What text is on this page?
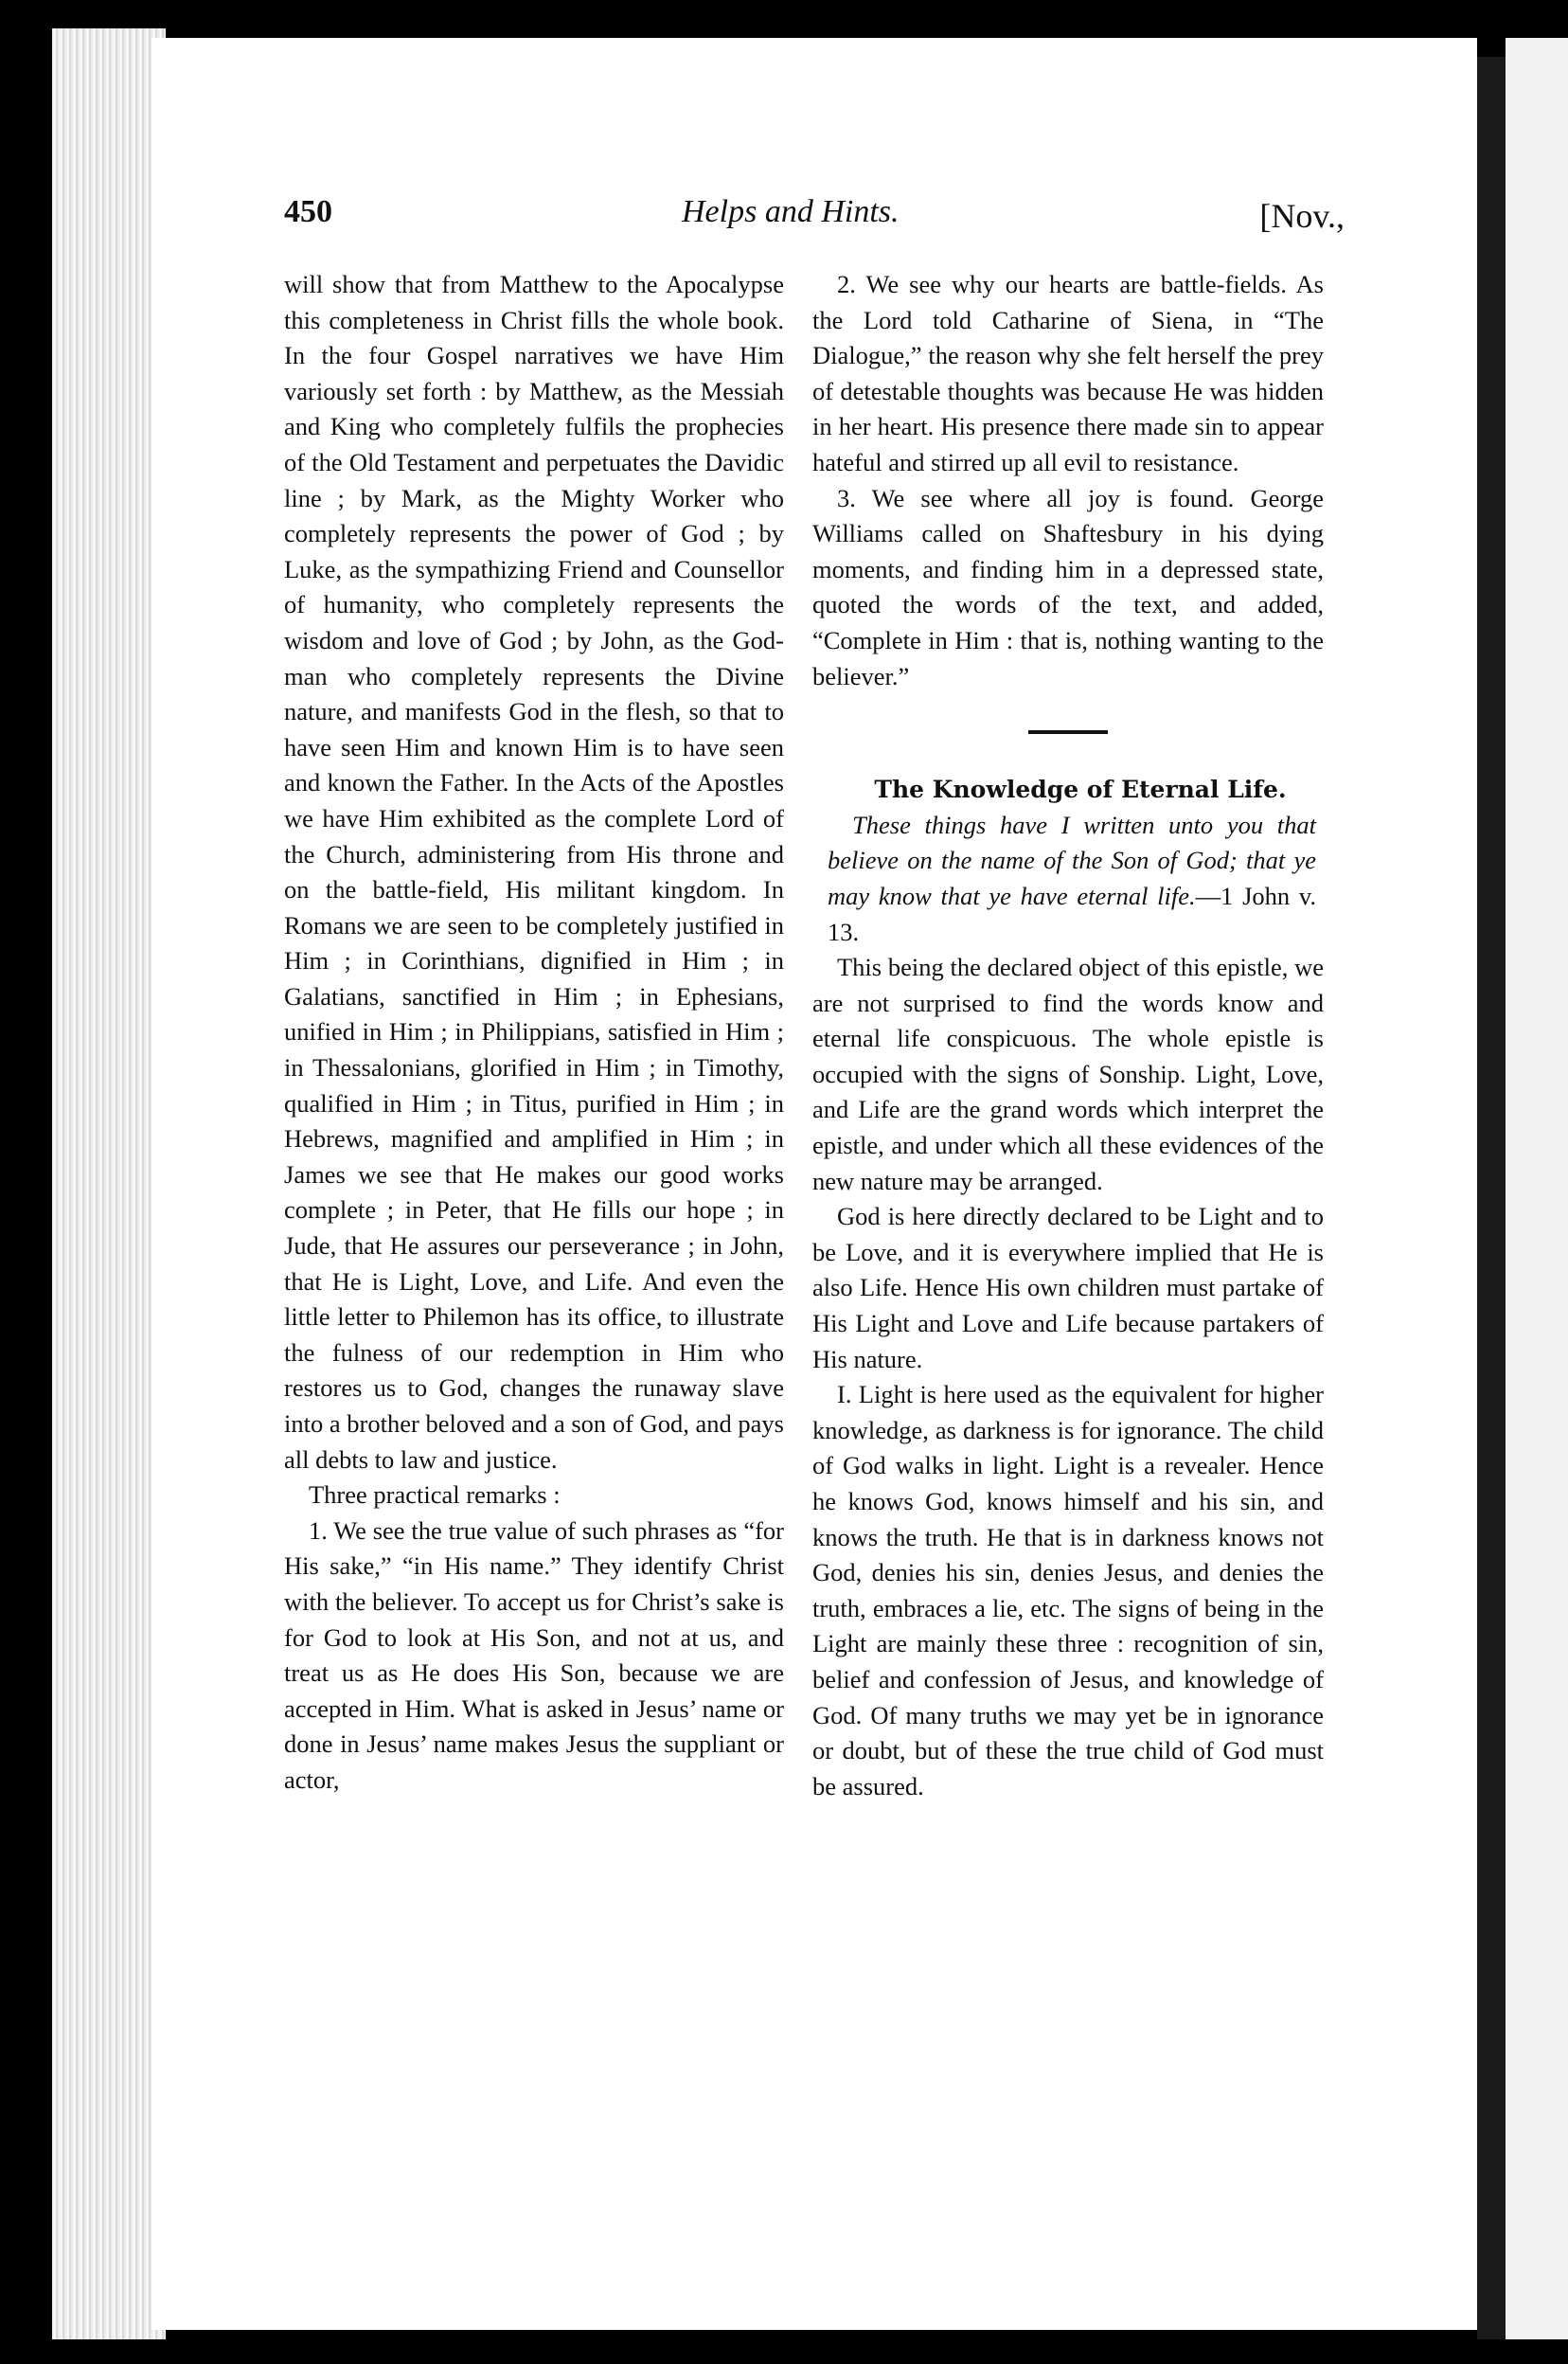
450	Helps and Hints.	[Nov.,

will show that from Matthew to the Apocalypse this completeness in Christ fills the whole book. In the four Gospel narratives we have Him variously set forth : by Matthew, as the Messiah and King who completely fulfils the prophecies of the Old Testament and perpetuates the Davidic line ; by Mark, as the Mighty Worker who completely represents the power of God ; by Luke, as the sympathizing Friend and Counsellor of humanity, who completely represents the wisdom and love of God ; by John, as the God-man who completely represents the Divine nature, and manifests God in the flesh, so that to have seen Him and known Him is to have seen and known the Father. In the Acts of the Apostles we have Him exhibited as the complete Lord of the Church, administering from His throne and on the battle-field, His militant kingdom. In Romans we are seen to be completely justified in Him ; in Corinthians, dignified in Him ; in Galatians, sanctified in Him ; in Ephesians, unified in Him ; in Philippians, satisfied in Him ; in Thessalonians, glorified in Him ; in Timothy, qualified in Him ; in Titus, purified in Him ; in Hebrews, magnified and amplified in Him ; in James we see that He makes our good works complete ; in Peter, that He fills our hope ; in Jude, that He assures our perseverance ; in John, that He is Light, Love, and Life. And even the little letter to Philemon has its office, to illustrate the fulness of our redemption in Him who restores us to God, changes the runaway slave into a brother beloved and a son of God, and pays all debts to law and justice.

Three practical remarks :

1. We see the true value of such phrases as “for His sake,” “in His name.” They identify Christ with the believer. To accept us for Christ’s sake is for God to look at His Son, and not at us, and treat us as He does His Son, because we are accepted in Him. What is asked in Jesus’ name or done in Jesus’ name makes Jesus the suppliant or actor,

2. We see why our hearts are battle-fields. As the Lord told Catharine of Siena, in “The Dialogue,” the reason why she felt herself the prey of detestable thoughts was because He was hidden in her heart. His presence there made sin to appear hateful and stirred up all evil to resistance.

3. We see where all joy is found. George Williams called on Shaftesbury in his dying moments, and finding him in a depressed state, quoted the words of the text, and added, “Complete in Him : that is, nothing wanting to the believer.”

The Knowledge of Eternal Life.

These things have I written unto you that believe on the name of the Son of God; that ye may know that ye have eternal life.—1 John v. 13.

This being the declared object of this epistle, we are not surprised to find the words know and eternal life conspicuous. The whole epistle is occupied with the signs of Sonship. Light, Love, and Life are the grand words which interpret the epistle, and under which all these evidences of the new nature may be arranged.

God is here directly declared to be Light and to be Love, and it is everywhere implied that He is also Life. Hence His own children must partake of His Light and Love and Life because partakers of His nature.

I. Light is here used as the equivalent for higher knowledge, as darkness is for ignorance. The child of God walks in light. Light is a revealer. Hence he knows God, knows himself and his sin, and knows the truth. He that is in darkness knows not God, denies his sin, denies Jesus, and denies the truth, embraces a lie, etc. The signs of being in the Light are mainly these three : recognition of sin, belief and confession of Jesus, and knowledge of God. Of many truths we may yet be in ignorance or doubt, but of these the true child of God must be assured.
